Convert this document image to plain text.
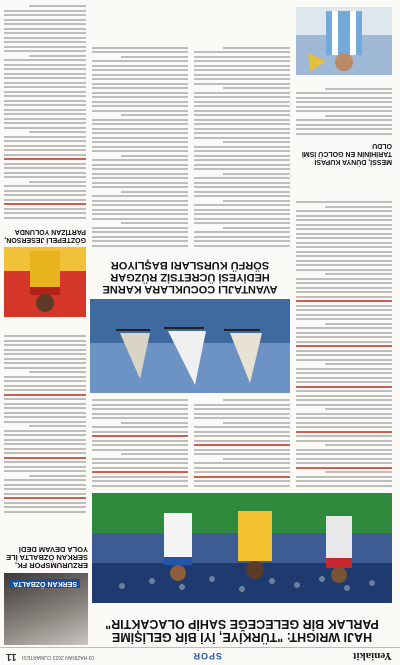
Yeniakit
SPOR
03 HAZİRAN 2023 CUMARTESİ
11
HAJI WRIGHT: "TÜRKİYE, İYİ BİR GELİŞİME
PARLAK BİR GELECEĞE SAHİP OLACAKTIR"
SERKAN ÖZBALTA
ERZURUMSPOR FK, SERKAN ÖZBALTA İLE YOLA DEVAM DEDİ
AVANTAJLI COCUKLARA KARNE
HEDİYESİ ÜCRETSİZ RÜZGAR
SÖRFÜ KURSLARI BAŞLIYOR
MESSİ, DÜNYA KUPASI TARİHİNİN EN GOLCÜ İSMİ OLDU
GÖZTEPELİ JESERSON, PARTİZAN YOLUNDA
